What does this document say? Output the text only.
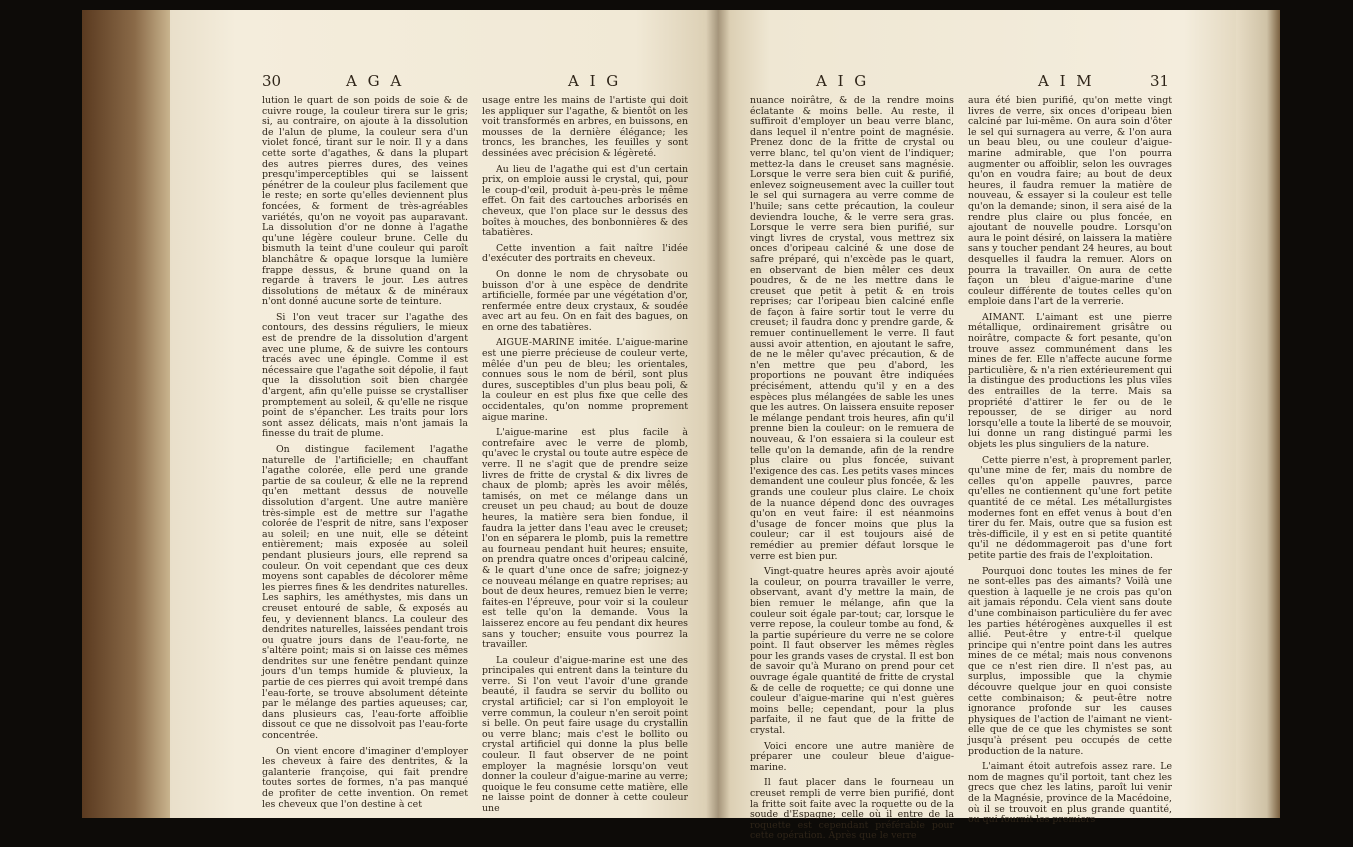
30	A G A	A I G

lution le quart de son poids de soie & de cuivre rouge, la couleur tirera sur le gris; si, au contraire, on ajoute à la dissolution de l'alun de plume, la couleur sera d'un violet foncé, tirant sur le noir. Il y a dans cette sorte d'agathes, & dans la plupart des autres pierres dures, des veines presqu'imperceptibles qui se laissent pénétrer de la couleur plus facilement que le reste; en sorte qu'elles deviennent plus foncées, & forment de très-agréables variétés, qu'on ne voyoit pas auparavant. La dissolution d'or ne donne à l'agathe qu'une légère couleur brune. Celle du bismuth la teint d'une couleur qui paroît blanchâtre & opaque lorsque la lumière frappe dessus, & brune quand on la regarde à travers le jour. Les autres dissolutions de métaux & de minéraux n'ont donné aucune sorte de teinture.

Si l'on veut tracer sur l'agathe des contours, des dessins réguliers, le mieux est de prendre de la dissolution d'argent avec une plume, & de suivre les contours tracés avec une épingle. Comme il est nécessaire que l'agathe soit dépolie, il faut que la dissolution soit bien chargée d'argent, afin qu'elle puisse se crystalliser promptement au soleil, & qu'elle ne risque point de s'épancher. Les traits pour lors sont assez délicats, mais n'ont jamais la finesse du trait de plume.

On distingue facilement l'agathe naturelle de l'artificielle; en chauffant l'agathe colorée, elle perd une grande partie de sa couleur, & elle ne la reprend qu'en mettant dessus de nouvelle dissolution d'argent. Une autre manière très-simple est de mettre sur l'agathe colorée de l'esprit de nitre, sans l'exposer au soleil; en une nuit, elle se déteint entièrement; mais exposée au soleil pendant plusieurs jours, elle reprend sa couleur. On voit cependant que ces deux moyens sont capables de décolorer même les pierres fines & les dendrites naturelles. Les saphirs, les améthystes, mis dans un creuset entouré de sable, & exposés au feu, y deviennent blancs. La couleur des dendrites naturelles, laissées pendant trois ou quatre jours dans de l'eau-forte, ne s'altère point; mais si on laisse ces mêmes dendrites sur une fenêtre pendant quinze jours d'un temps humide & pluvieux, la partie de ces pierres qui avoit trempé dans l'eau-forte, se trouve absolument déteinte par le mélange des parties aqueuses; car, dans plusieurs cas, l'eau-forte affoiblie dissout ce que ne dissolvoit pas l'eau-forte concentrée.

On vient encore d'imaginer d'employer les cheveux à faire des dentrites, & la galanterie françoise, qui fait prendre toutes sortes de formes, n'a pas manqué de profiter de cette invention. On remet les cheveux que l'on destine à cet

usage entre les mains de l'artiste qui doit les appliquer sur l'agathe, & bientôt on les voit transformés en arbres, en buissons, en mousses de la dernière élégance; les troncs, les branches, les feuilles y sont dessinées avec précision & légèreté.

Au lieu de l'agathe qui est d'un certain prix, on emploie aussi le crystal, qui, pour le coup-d'œil, produit à-peu-près le même effet. On fait des cartouches arborisés en cheveux, que l'on place sur le dessus des boîtes à mouches, des bonbonnières & des tabatières.

Cette invention a fait naître l'idée d'exécuter des portraits en cheveux.

On donne le nom de chrysobate ou buisson d'or à une espèce de dendrite artificielle, formée par une végétation d'or, renfermée entre deux crystaux, & soudée avec art au feu. On en fait des bagues, on en orne des tabatières.

AIGUE-MARINE imitée. L'aigue-marine est une pierre précieuse de couleur verte, mêlée d'un peu de bleu; les orientales, connues sous le nom de béril, sont plus dures, susceptibles d'un plus beau poli, & la couleur en est plus fixe que celle des occidentales, qu'on nomme proprement aigue marine.

L'aigue-marine est plus facile à contrefaire avec le verre de plomb, qu'avec le crystal ou toute autre espèce de verre. Il ne s'agit que de prendre seize livres de fritte de crystal & dix livres de chaux de plomb; après les avoir mêlés, tamisés, on met ce mélange dans un creuset un peu chaud; au bout de douze heures, la matière sera bien fondue, il faudra la jetter dans l'eau avec le creuset; l'on en séparera le plomb, puis la remettre au fourneau pendant huit heures; ensuite, on prendra quatre onces d'oripeau calciné, & le quart d'une once de safre; joignez-y ce nouveau mélange en quatre reprises; au bout de deux heures, remuez bien le verre; faites-en l'épreuve, pour voir si la couleur est telle qu'on la demande. Vous la laisserez encore au feu pendant dix heures sans y toucher; ensuite vous pourrez la travailler.

La couleur d'aigue-marine est une des principales qui entrent dans la teinture du verre. Si l'on veut l'avoir d'une grande beauté, il faudra se servir du bollito ou crystal artificiel; car si l'on employoit le verre commun, la couleur n'en seroit point si belle. On peut faire usage du crystallin ou verre blanc; mais c'est le bollito ou crystal artificiel qui donne la plus belle couleur. Il faut observer de ne point employer la magnésie lorsqu'on veut donner la couleur d'aigue-marine au verre; quoique le feu consume cette matière, elle ne laisse point de donner à cette couleur une

A I G	A I M	31

nuance noirâtre, & de la rendre moins éclatante & moins belle. Au reste, il suffiroit d'employer un beau verre blanc, dans lequel il n'entre point de magnésie. Prenez donc de la fritte de crystal ou verre blanc, tel qu'on vient de l'indiquer; mettez-la dans le creuset sans magnésie. Lorsque le verre sera bien cuit & purifié, enlevez soigneusement avec la cuiller tout le sel qui surnagera au verre comme de l'huile; sans cette précaution, la couleur deviendra louche, & le verre sera gras. Lorsque le verre sera bien purifié, sur vingt livres de crystal, vous mettrez six onces d'oripeau calciné & une dose de safre préparé, qui n'excède pas le quart, en observant de bien mêler ces deux poudres, & de ne les mettre dans le creuset que petit à petit & en trois reprises; car l'oripeau bien calciné enfle de façon à faire sortir tout le verre du creuset; il faudra donc y prendre garde, & remuer continuellement le verre. Il faut aussi avoir attention, en ajoutant le safre, de ne le mêler qu'avec précaution, & de n'en mettre que peu d'abord, les proportions ne pouvant être indiquées précisément, attendu qu'il y en a des espèces plus mélangées de sable les unes que les autres. On laissera ensuite reposer le mélange pendant trois heures, afin qu'il prenne bien la couleur: on le remuera de nouveau, & l'on essaiera si la couleur est telle qu'on la demande, afin de la rendre plus claire ou plus foncée, suivant l'exigence des cas. Les petits vases minces demandent une couleur plus foncée, & les grands une couleur plus claire. Le choix de la nuance dépend donc des ouvrages qu'on en veut faire: il est néanmoins d'usage de foncer moins que plus la couleur; car il est toujours aisé de remédier au premier défaut lorsque le verre est bien pur.

Vingt-quatre heures après avoir ajouté la couleur, on pourra travailler le verre, observant, avant d'y mettre la main, de bien remuer le mélange, afin que la couleur soit égale par-tout; car, lorsque le verre repose, la couleur tombe au fond, & la partie supérieure du verre ne se colore point. Il faut observer les mêmes règles pour les grands vases de crystal. Il est bon de savoir qu'à Murano on prend pour cet ouvrage égale quantité de fritte de crystal & de celle de roquette; ce qui donne une couleur d'aigue-marine qui n'est guères moins belle; cependant, pour la plus parfaite, il ne faut que de la fritte de crystal.

Voici encore une autre manière de préparer une couleur bleue d'aigue-marine.

Il faut placer dans le fourneau un creuset rempli de verre bien purifié, dont la fritte soit faite avec la roquette ou de la soude d'Espagne; celle où il entre de la roquette est cependant préférable pour cette opération. Après que le verre

aura été bien purifié, qu'on mette vingt livres de verre, six onces d'oripeau bien calciné par lui-même. On aura soin d'ôter le sel qui surnagera au verre, & l'on aura un beau bleu, ou une couleur d'aigue-marine admirable, que l'on pourra augmenter ou affoiblir, selon les ouvrages qu'on en voudra faire; au bout de deux heures, il faudra remuer la matière de nouveau, & essayer si la couleur est telle qu'on la demande; sinon, il sera aisé de la rendre plus claire ou plus foncée, en ajoutant de nouvelle poudre. Lorsqu'on aura le point désiré, on laissera la matière sans y toucher pendant 24 heures, au bout desquelles il faudra la remuer. Alors on pourra la travailler. On aura de cette façon un bleu d'aigue-marine d'une couleur différente de toutes celles qu'on emploie dans l'art de la verrerie.

AIMANT. L'aimant est une pierre métallique, ordinairement grisâtre ou noirâtre, compacte & fort pesante, qu'on trouve assez communément dans les mines de fer. Elle n'affecte aucune forme particulière, & n'a rien extérieurement qui la distingue des productions les plus viles des entrailles de la terre. Mais sa propriété d'attirer le fer ou de le repousser, de se diriger au nord lorsqu'elle a toute la liberté de se mouvoir, lui donne un rang distingué parmi les objets les plus singuliers de la nature.

Cette pierre n'est, à proprement parler, qu'une mine de fer, mais du nombre de celles qu'on appelle pauvres, parce qu'elles ne contiennent qu'une fort petite quantité de ce métal. Les métallurgistes modernes font en effet venus à bout d'en tirer du fer. Mais, outre que sa fusion est très-difficile, il y est en si petite quantité qu'il ne dédommageroit pas d'une fort petite partie des frais de l'exploitation.

Pourquoi donc toutes les mines de fer ne sont-elles pas des aimants? Voilà une question à laquelle je ne crois pas qu'on ait jamais répondu. Cela vient sans doute d'une combinaison particulière du fer avec les parties hétérogènes auxquelles il est allié. Peut-être y entre-t-il quelque principe qui n'entre point dans les autres mines de ce métal; mais nous convenons que ce n'est rien dire. Il n'est pas, au surplus, impossible que la chymie découvre quelque jour en quoi consiste cette combinaison; & peut-être notre ignorance profonde sur les causes physiques de l'action de l'aimant ne vient-elle que de ce que les chymistes se sont jusqu'à présent peu occupés de cette production de la nature.

L'aimant étoit autrefois assez rare. Le nom de magnes qu'il portoit, tant chez les grecs que chez les latins, paroît lui venir de la Magnésie, province de la Macédoine, où il se trouvoit en plus grande quantité, ou qui fournit les premiers
